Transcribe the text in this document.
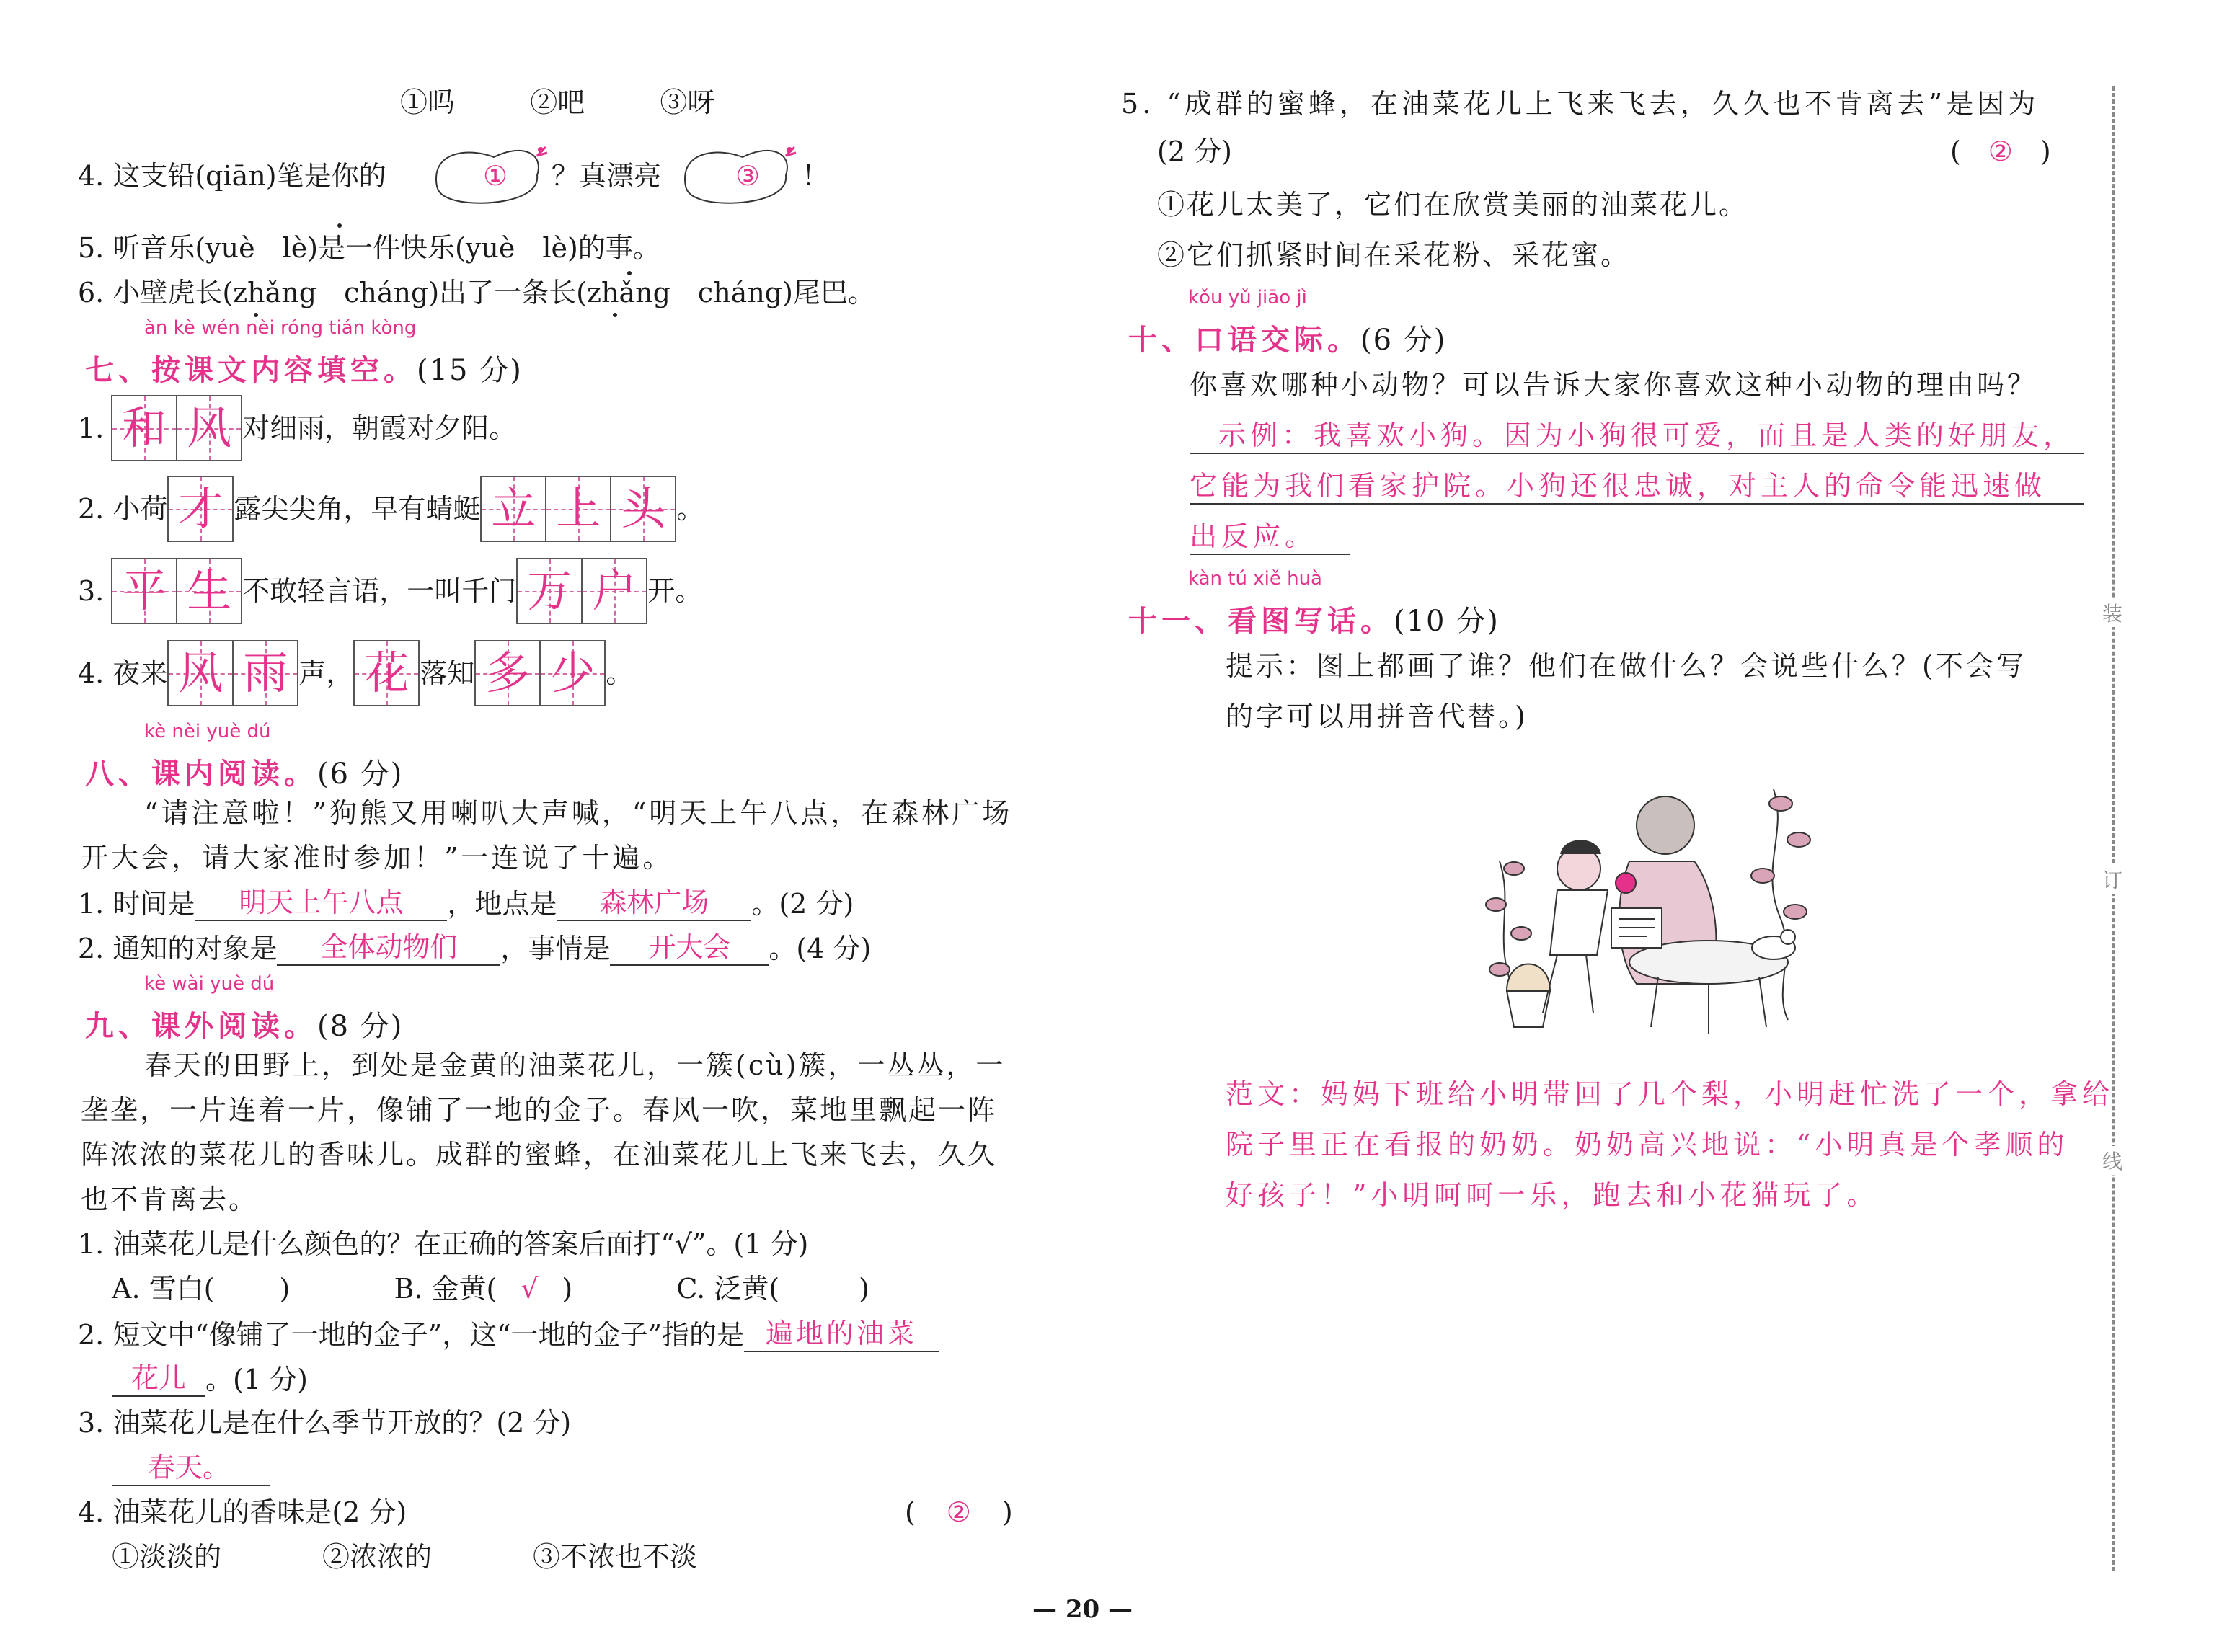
①吗	②吧	③呀
4. 这支铅(qiān)笔是你的	① ？真漂亮	③ ！
5. 听音乐(yuè　lè)是一件快乐(yuè　lè)的事。
6. 小壁虎长(zhǎng　cháng)出了一条长(zhǎng　cháng)尾巴。
àn kè wén nèi róng tián kòng
七、按课文内容填空。(15 分)
1. 和 风 对细雨，朝霞对夕阳。
2. 小荷 才 露尖尖角，早有蜻蜓 立 上 头 。
3. 平 生 不敢轻言语，一叫千门 万 户 开。
4. 夜来 风 雨 声， 花 落知 多 少 。
kè nèi yuè dú
八、课内阅读。(6 分)
“请注意啦！”狗熊又用喇叭大声喊，“明天上午八点，在森林广场
开大会，请大家准时参加！”一连说了十遍。
1. 时间是 明天上午八点 ，地点是 森林广场 。(2 分)
2. 通知的对象是 全体动物们 ，事情是 开大会 。(4 分)
kè wài yuè dú
九、课外阅读。(8 分)
春天的田野上，到处是金黄的油菜花儿，一簇(cù)簇，一丛丛，一
垄垄，一片连着一片，像铺了一地的金子。春风一吹，菜地里飘起一阵
阵浓浓的菜花儿的香味儿。成群的蜜蜂，在油菜花儿上飞来飞去，久久
也不肯离去。
1. 油菜花儿是什么颜色的？在正确的答案后面打“√”。(1 分)
A. 雪白( )	B. 金黄( √ )	C. 泛黄(	)
2. 短文中“像铺了一地的金子”，这“一地的金子”指的是 遍地的油菜
花儿 。(1 分)
3. 油菜花儿是在什么季节开放的？(2 分)
春天。
4. 油菜花儿的香味是(2 分)	( ② )
①淡淡的	②浓浓的	③不浓也不淡
5. “成群的蜜蜂，在油菜花儿上飞来飞去，久久也不肯离去”是因为
(2 分)	( ② )
①花儿太美了，它们在欣赏美丽的油菜花儿。
②它们抓紧时间在采花粉、采花蜜。
kǒu yǔ jiāo jì
十、口语交际。(6 分)
你喜欢哪种小动物？可以告诉大家你喜欢这种小动物的理由吗？
示例：我喜欢小狗。因为小狗很可爱，而且是人类的好朋友，
它能为我们看家护院。小狗还很忠诚，对主人的命令能迅速做
出反应。
kàn tú xiě huà
十一、看图写话。(10 分)
提示：图上都画了谁？他们在做什么？会说些什么？(不会写
的字可以用拼音代替。)
范文：妈妈下班给小明带回了几个梨，小明赶忙洗了一个，拿给
院子里正在看报的奶奶。奶奶高兴地说：“小明真是个孝顺的
好孩子！”小明呵呵一乐，跑去和小花猫玩了。
装
订
线
— 20 —
